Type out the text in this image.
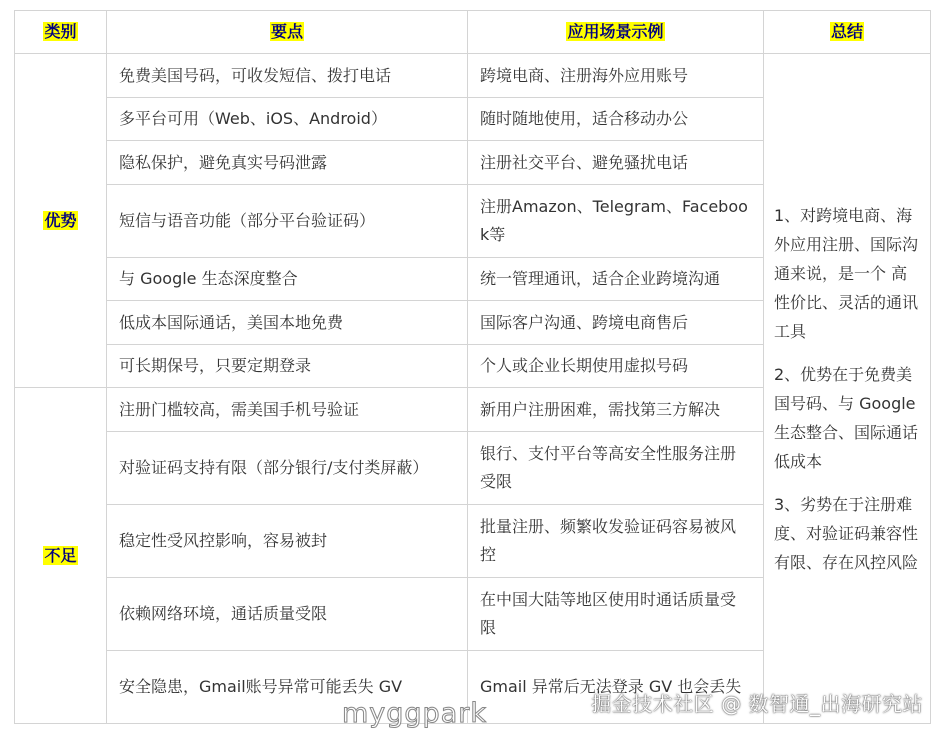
类别	要点	应用场景示例	总结
优势	免费美国号码，可收发短信、拨打电话	跨境电商、注册海外应用账号	1、对跨境电商、海外应用注册、国际沟通来说，是一个 高性价比、灵活的通讯工具

2、优势在于免费美国号码、与 Google 生态整合、国际通话低成本

3、劣势在于注册难度、对验证码兼容性有限、存在风控风险

	多平台可用（Web、iOS、Android）	随时随地使用，适合移动办公	
	隐私保护，避免真实号码泄露	注册社交平台、避免骚扰电话	
	短信与语音功能（部分平台验证码）	注册Amazon、Telegram、Facebook等	
	与 Google 生态深度整合	统一管理通讯，适合企业跨境沟通	
	低成本国际通话，美国本地免费	国际客户沟通、跨境电商售后	
	可长期保号，只要定期登录	个人或企业长期使用虚拟号码	
不足	注册门槛较高，需美国手机号验证	新用户注册困难，需找第三方解决	
	对验证码支持有限（部分银行/支付类屏蔽）	银行、支付平台等高安全性服务注册受限	
	稳定性受风控影响，容易被封	批量注册、频繁收发验证码容易被风控	
	依赖网络环境，通话质量受限	在中国大陆等地区使用时通话质量受限	
	安全隐患，Gmail账号异常可能丢失 GV	Gmail 异常后无法登录 GV 也会丢失	
myggpark	掘金技术社区 @ 数智通_出海研究站
